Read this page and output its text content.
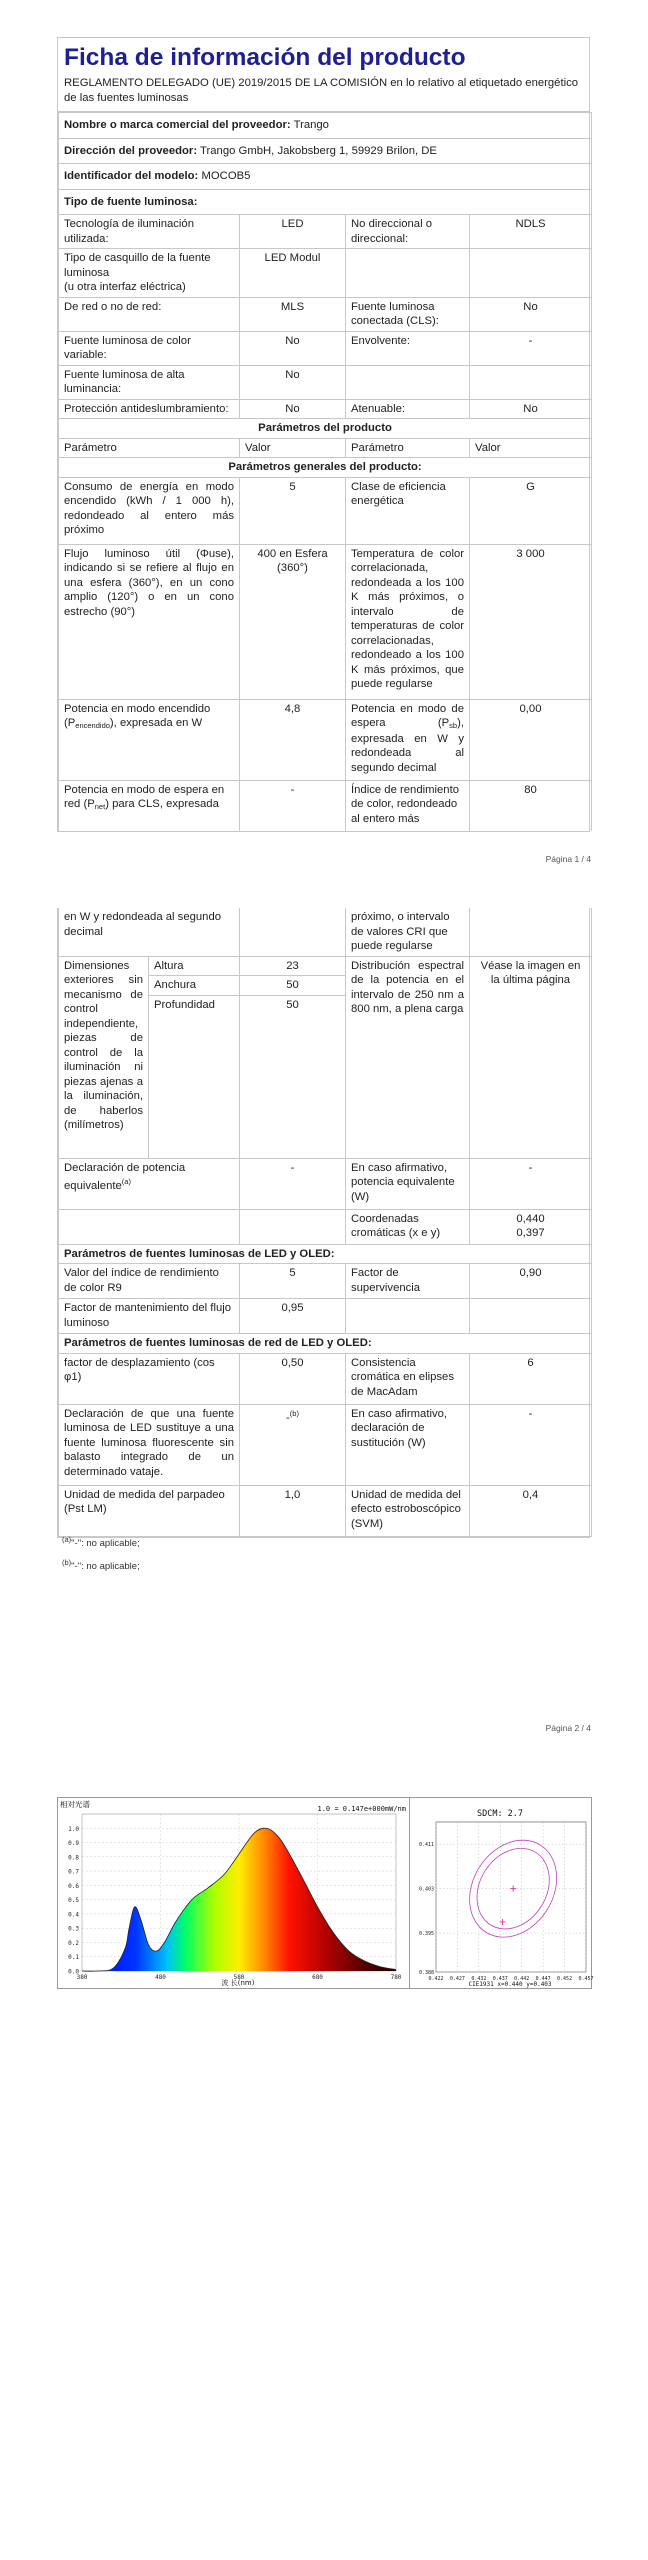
Ficha de información del producto
REGLAMENTO DELEGADO (UE) 2019/2015 DE LA COMISIÓN en lo relativo al etiquetado energético de las fuentes luminosas
Nombre o marca comercial del proveedor: Trango			
Dirección del proveedor: Trango GmbH, Jakobsberg 1, 59929 Brilon, DE			
Identificador del modelo: MOCOB5			
Tipo de fuente luminosa:			
Tecnología de iluminación utilizada:	LED	No direccional o direccional:	NDLS

Tipo de casquillo de la fuente luminosa
(u otra interfaz eléctrica)	LED Modul		
De red o no de red:	MLS	Fuente luminosa conectada (CLS):	No
Fuente luminosa de color variable:	No	Envolvente:	-
Fuente luminosa de alta luminancia:	No		
Protección antideslumbramiento:	No	Atenuable:	No
Parámetros del producto			
Parámetro	Valor	Parámetro	Valor
Parámetros generales del producto:			
Consumo de energía en modo encendido (kWh / 1 000 h), redondeado al entero más próximo	5	Clase de eficiencia energética	G
Flujo luminoso útil (Φuse), indicando si se refiere al flujo en una esfera (360°), en un cono amplio (120°) o en un cono estrecho (90°)	400 en Esfera (360°)	Temperatura de color correlacionada, redondeada a los 100 K más próximos, o intervalo de temperaturas de color correlacionadas, redondeado a los 100 K más próximos, que puede regularse	3 000
Potencia en modo encendido (Pencendido), expresada en W	4,8	Potencia en modo de espera (Psb), expresada en W y redondeada al segundo decimal	0,00
Potencia en modo de espera en red (Pnet) para CLS, expresada	-	Índice de rendimiento de color, redondeado al entero más	80
Página 1 / 4
en W y redondeada al segundo decimal			próximo, o intervalo de valores CRI que puede regularse	
Dimensiones exteriores sin mecanismo de control independiente, piezas de control de la iluminación ni piezas ajenas a la iluminación, de haberlos (milímetros)	Altura	23	Distribución espectral de la potencia en el intervalo de 250 nm a 800 nm, a plena carga	Véase la imagen en la última página
	Anchura	50		
	Profundidad	50		
Declaración de potencia equivalente$^{(a)}$		-	En caso afirmativo, potencia equivalente (W)	-
			Coordenadas cromáticas (x e y)	0,440
0,397

Parámetros de fuentes luminosas de LED y OLED:				
Valor del índice de rendimiento de color R9		5	Factor de supervivencia	0,90
Factor de mantenimiento del flujo luminoso		0,95		
Parámetros de fuentes luminosas de red de LED y OLED:				
factor de desplazamiento (cos φ1)		0,50	Consistencia cromática en elipses de MacAdam	6
Declaración de que una fuente luminosa de LED sustituye a una fuente luminosa fluorescente sin balasto integrado de un determinado vataje.		-$^{(b)}$	En caso afirmativo, declaración de sustitución (W)	-
Unidad de medida del parpadeo (Pst LM)		1,0	Unidad de medida del efecto estroboscópico (SVM)	0,4
$^{(a)}$"-": no aplicable;
$^{(b)}$"-": no aplicable;
Página 2 / 4
1.0
0.9
0.8
0.7
0.6
0.5
0.4
0.3
0.2
0.1
0.0
380	480	580	680	780
相对光谱	1.0 = 0.147e+000mW/nm
波 长(nm)
SDCM: 2.7
0.411
0.403
0.395
0.388
0.422 0.427 0.432 0.437 0.442 0.447 0.452 0.457
CIE1931 x=0.440 y=0.403
